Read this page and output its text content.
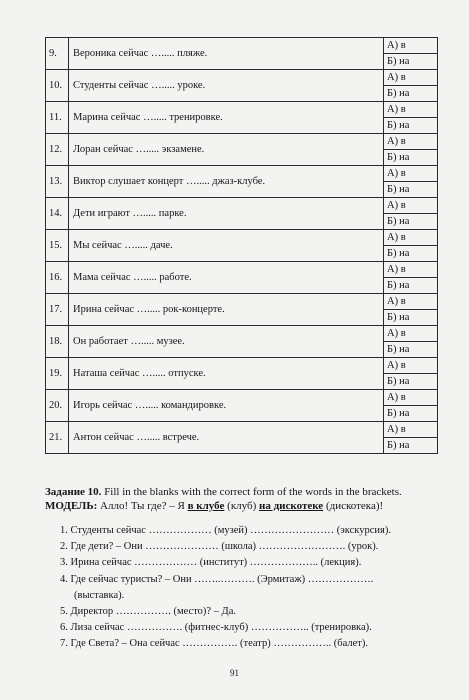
9.	Вероника сейчас …..... пляже.	А) в
		Б) на
10.	Студенты сейчас …..... уроке.	А) в
		Б) на
11.	Марина сейчас …..... тренировке.	А) в
		Б) на
12.	Лоран сейчас …..... экзамене.	А) в
		Б) на
13.	Виктор слушает концерт …..... джаз-клубе.	А) в
		Б) на
14.	Дети играют …..... парке.	А) в
		Б) на
15.	Мы сейчас …..... даче.	А) в
		Б) на
16.	Мама сейчас …..... работе.	А) в
		Б) на
17.	Ирина сейчас …..... рок-концерте.	А) в
		Б) на
18.	Он работает …..... музее.	А) в
		Б) на
19.	Наташа сейчас …..... отпуске.	А) в
		Б) на
20.	Игорь сейчас …..... командировке.	А) в
		Б) на
21.	Антон сейчас …..... встрече.	А) в
		Б) на
Задание 10. Fill in the blanks with the correct form of the words in the brackets.
МОДЕЛЬ: Алло! Ты где? – Я в клубе (клуб) на дискотеке (дискотека)!
1. Студенты сейчас ……………… (музей) …………………… (экскурсия).
2. Где дети? – Они ………………… (школа) ……………………. (урок).
3. Ирина сейчас ……………… (институт) ……………….. (лекция).
4. Где сейчас туристы? – Они ……..………. (Эрмитаж) ……………….
(выставка).
5. Директор ……………. (место)? – Да.
6. Лиза сейчас ……………. (фитнес-клуб) …………….. (тренировка).
7. Где Света? – Она сейчас ……………. (театр) …………….. (балет).
91
